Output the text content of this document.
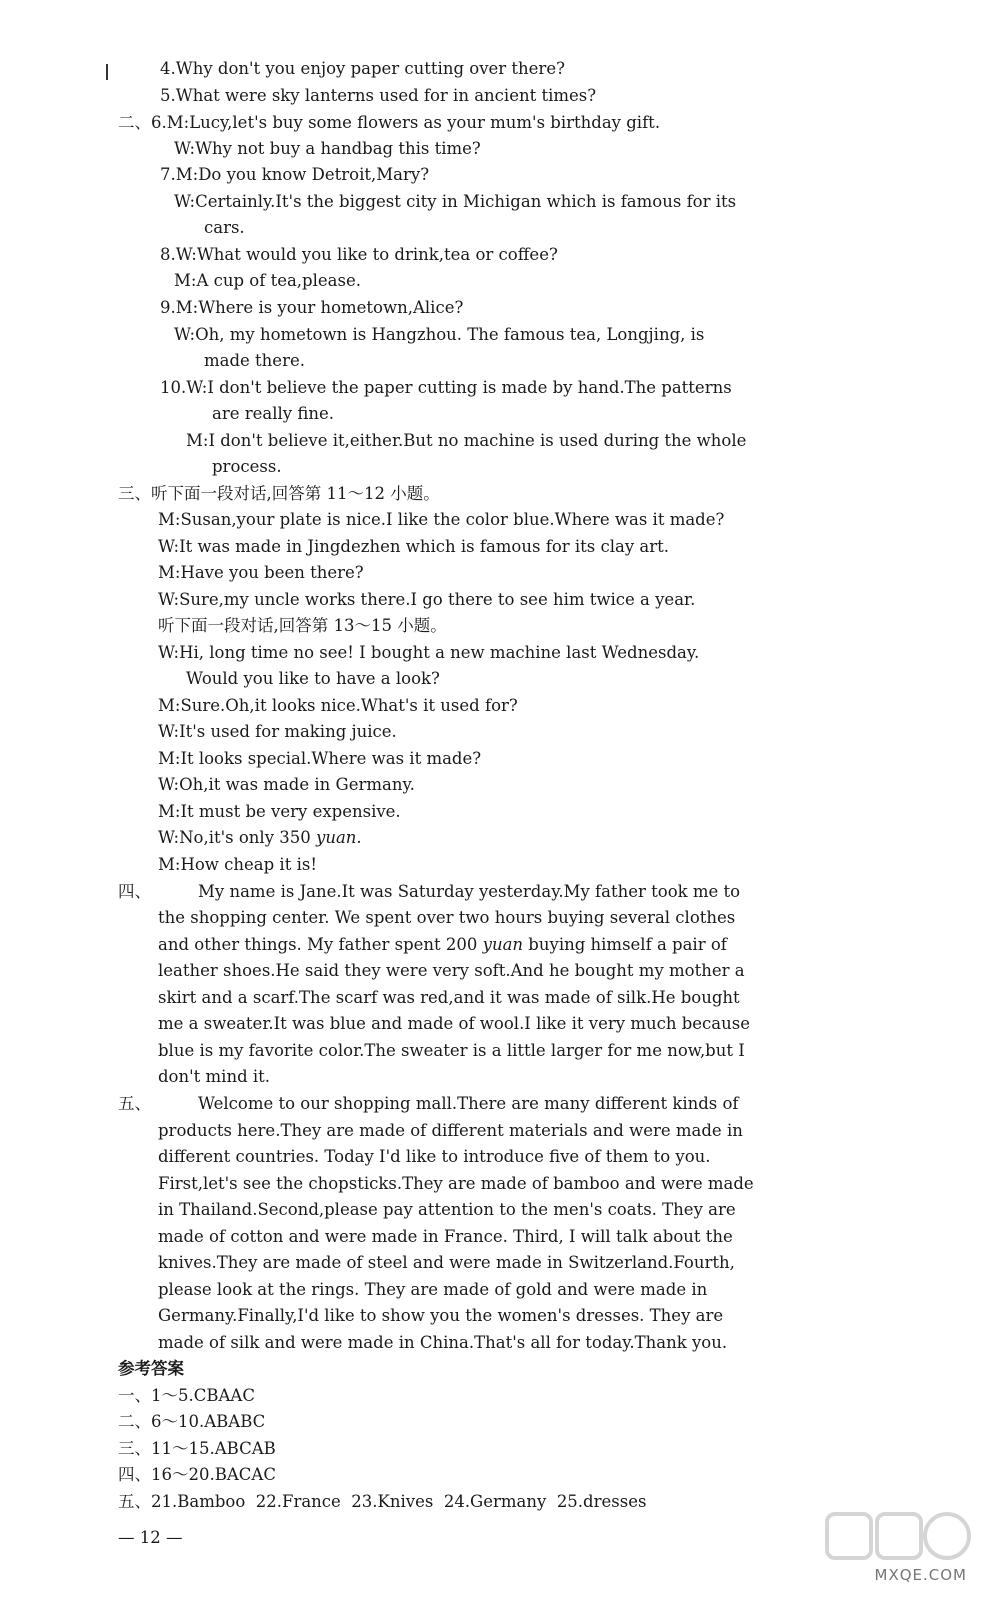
4.Why don't you enjoy paper cutting over there?
5.What were sky lanterns used for in ancient times?
二、6.M:Lucy,let's buy some flowers as your mum's birthday gift.
W:Why not buy a handbag this time?
7.M:Do you know Detroit,Mary?
W:Certainly.It's the biggest city in Michigan which is famous for its
cars.
8.W:What would you like to drink,tea or coffee?
M:A cup of tea,please.
9.M:Where is your hometown,Alice?
W:Oh, my hometown is Hangzhou. The famous tea, Longjing, is
made there.
10.W:I don't believe the paper cutting is made by hand.The patterns
are really fine.
M:I don't believe it,either.But no machine is used during the whole
process.
三、听下面一段对话,回答第 11～12 小题。
M:Susan,your plate is nice.I like the color blue.Where was it made?
W:It was made in Jingdezhen which is famous for its clay art.
M:Have you been there?
W:Sure,my uncle works there.I go there to see him twice a year.
听下面一段对话,回答第 13～15 小题。
W:Hi, long time no see! I bought a new machine last Wednesday.
Would you like to have a look?
M:Sure.Oh,it looks nice.What's it used for?
W:It's used for making juice.
M:It looks special.Where was it made?
W:Oh,it was made in Germany.
M:It must be very expensive.
W:No,it's only 350 yuan.
M:How cheap it is!
四、	My name is Jane.It was Saturday yesterday.My father took me to
the shopping center. We spent over two hours buying several clothes
and other things. My father spent 200 yuan buying himself a pair of
leather shoes.He said they were very soft.And he bought my mother a
skirt and a scarf.The scarf was red,and it was made of silk.He bought
me a sweater.It was blue and made of wool.I like it very much because
blue is my favorite color.The sweater is a little larger for me now,but I
don't mind it.
五、	Welcome to our shopping mall.There are many different kinds of
products here.They are made of different materials and were made in
different countries. Today I'd like to introduce five of them to you.
First,let's see the chopsticks.They are made of bamboo and were made
in Thailand.Second,please pay attention to the men's coats. They are
made of cotton and were made in France. Third, I will talk about the
knives.They are made of steel and were made in Switzerland.Fourth,
please look at the rings. They are made of gold and were made in
Germany.Finally,I'd like to show you the women's dresses. They are
made of silk and were made in China.That's all for today.Thank you.
参考答案
一、1～5.CBAAC
二、6～10.ABABC
三、11～15.ABCAB
四、16～20.BACAC
五、21.Bamboo  22.France  23.Knives  24.Germany  25.dresses
— 12 —
MXQE.COM
